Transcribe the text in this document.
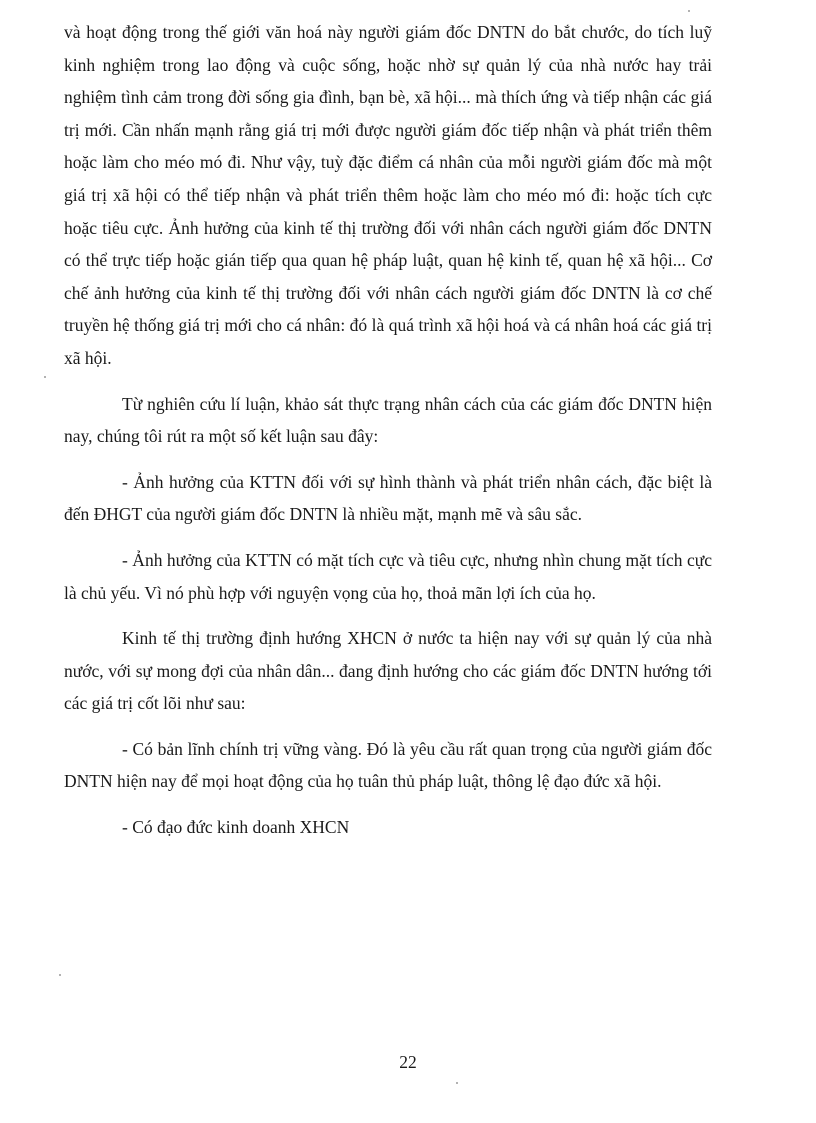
và hoạt động trong thế giới văn hoá này người giám đốc DNTN do bắt chước, do tích luỹ kinh nghiệm trong lao động và cuộc sống, hoặc nhờ sự quản lý của nhà nước hay trải nghiệm tình cảm trong đời sống gia đình, bạn bè, xã hội... mà thích ứng và tiếp nhận các giá trị mới. Cần nhấn mạnh rằng giá trị mới được người giám đốc tiếp nhận và phát triển thêm hoặc làm cho méo mó đi. Như vậy, tuỳ đặc điểm cá nhân của mỗi người giám đốc mà một giá trị xã hội có thể tiếp nhận và phát triển thêm hoặc làm cho méo mó đi: hoặc tích cực hoặc tiêu cực. Ảnh hưởng của kinh tế thị trường đối với nhân cách người giám đốc DNTN có thể trực tiếp hoặc gián tiếp qua quan hệ pháp luật, quan hệ kinh tế, quan hệ xã hội... Cơ chế ảnh hưởng của kinh tế thị trường đối với nhân cách người giám đốc DNTN là cơ chế truyền hệ thống giá trị mới cho cá nhân: đó là quá trình xã hội hoá và cá nhân hoá các giá trị xã hội.

Từ nghiên cứu lí luận, khảo sát thực trạng nhân cách của các giám đốc DNTN hiện nay, chúng tôi rút ra một số kết luận sau đây:

- Ảnh hưởng của KTTN đối với sự hình thành và phát triển nhân cách, đặc biệt là đến ĐHGT của người giám đốc DNTN là nhiều mặt, mạnh mẽ và sâu sắc.

- Ảnh hưởng của KTTN có mặt tích cực và tiêu cực, nhưng nhìn chung mặt tích cực là chủ yếu. Vì nó phù hợp với nguyện vọng của họ, thoả mãn lợi ích của họ.

Kinh tế thị trường định hướng XHCN ở nước ta hiện nay với sự quản lý của nhà nước, với sự mong đợi của nhân dân... đang định hướng cho các giám đốc DNTN hướng tới các giá trị cốt lõi như sau:

- Có bản lĩnh chính trị vững vàng. Đó là yêu cầu rất quan trọng của người giám đốc DNTN hiện nay để mọi hoạt động của họ tuân thủ pháp luật, thông lệ đạo đức xã hội.

- Có đạo đức kinh doanh XHCN

22
